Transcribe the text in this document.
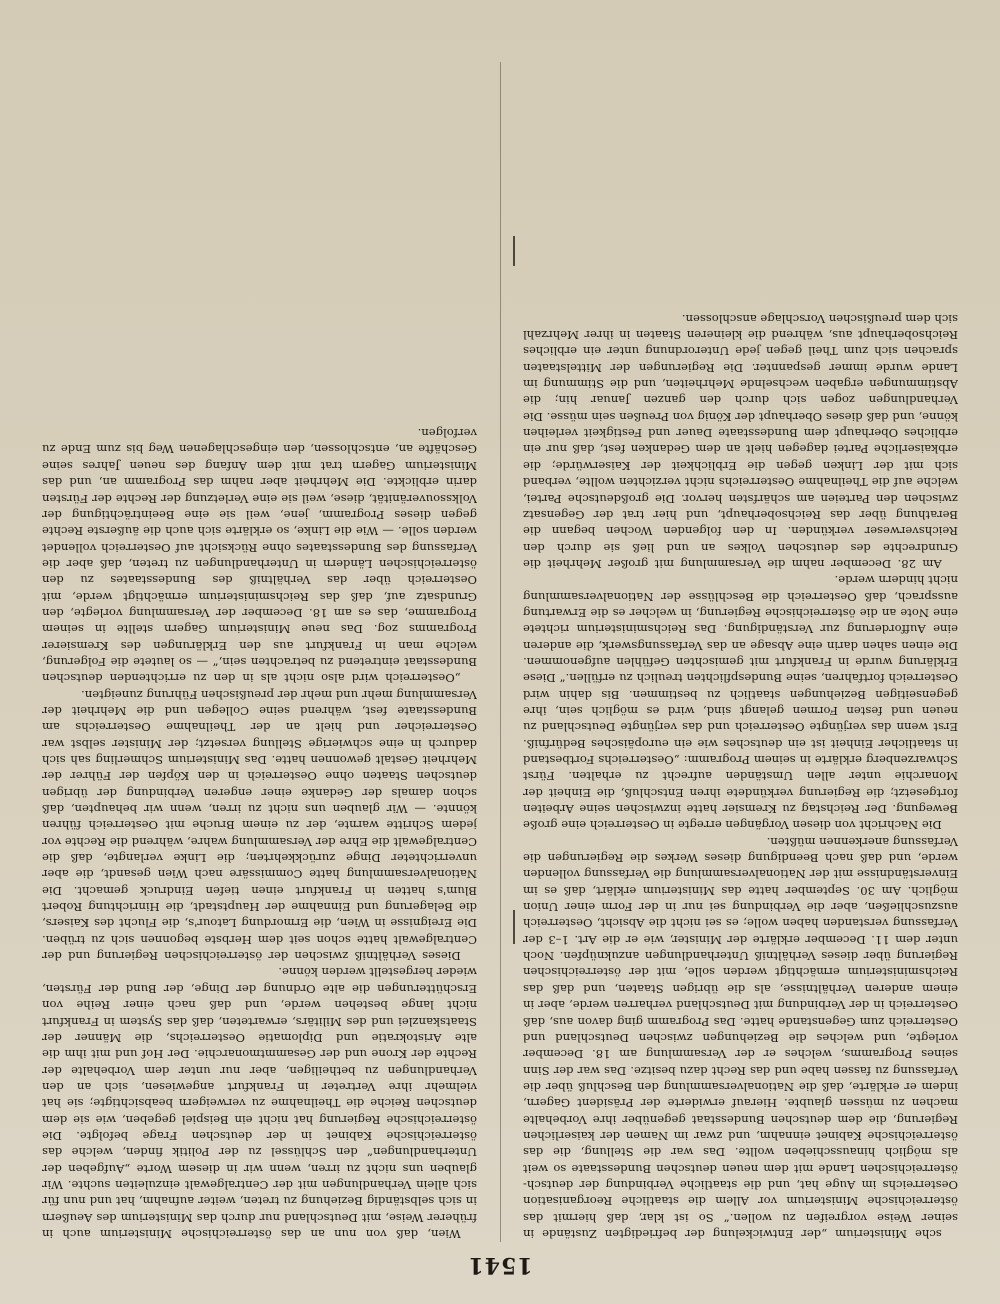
1541

sche Ministerium „der Entwickelung der befriedigten Zustände in seiner Weise vorgreifen zu wollen.“ So ist klar, daß hiermit das österreichische Ministerium vor Allem die staatliche Reorganisation Oesterreichs im Auge hat, und die staatliche Verbindung der deutsch-österreichischen Lande mit dem neuen deutschen Bundesstaate so weit als möglich hinausschieben wollte. Das war die Stellung, die das österreichische Kabinet einnahm, und zwar im Namen der kaiserlichen Regierung, die dem deutschen Bundesstaat gegenüber ihre Vorbehalte machen zu müssen glaubte. Hierauf erwiderte der Präsident Gagern, indem er erklärte, daß die Nationalversammlung den Beschluß über die Verfassung zu fassen habe und das Recht dazu besitze. Das war der Sinn seines Programms, welches er der Versammlung am 18. December vorlegte, und welches die Beziehungen zwischen Deutschland und Oesterreich zum Gegenstande hatte. Das Programm ging davon aus, daß Oesterreich in der Verbindung mit Deutschland verharren werde, aber in einem anderen Verhältnisse, als die übrigen Staaten, und daß das Reichsministerium ermächtigt werden solle, mit der österreichischen Regierung über dieses Verhältniß Unterhandlungen anzuknüpfen. Noch unter dem 11. December erklärte der Minister, wie er die Art. 1–3 der Verfassung verstanden haben wolle; es sei nicht die Absicht, Oesterreich auszuschließen, aber die Verbindung sei nur in der Form einer Union möglich. Am 30. September hatte das Ministerium erklärt, daß es im Einverständnisse mit der Nationalversammlung die Verfassung vollenden werde, und daß nach Beendigung dieses Werkes die Regierungen die Verfassung anerkennen müßten.

Die Nachricht von diesen Vorgängen erregte in Oesterreich eine große Bewegung. Der Reichstag zu Kremsier hatte inzwischen seine Arbeiten fortgesetzt; die Regierung verkündete ihren Entschluß, die Einheit der Monarchie unter allen Umständen aufrecht zu erhalten. Fürst Schwarzenberg erklärte in seinem Programm: „Oesterreichs Fortbestand in staatlicher Einheit ist ein deutsches wie ein europäisches Bedürfniß. Erst wenn das verjüngte Oesterreich und das verjüngte Deutschland zu neuen und festen Formen gelangt sind, wird es möglich sein, ihre gegenseitigen Beziehungen staatlich zu bestimmen. Bis dahin wird Oesterreich fortfahren, seine Bundespflichten treulich zu erfüllen.“ Diese Erklärung wurde in Frankfurt mit gemischten Gefühlen aufgenommen. Die einen sahen darin eine Absage an das Verfassungswerk, die anderen eine Aufforderung zur Verständigung. Das Reichsministerium richtete eine Note an die österreichische Regierung, in welcher es die Erwartung aussprach, daß Oesterreich die Beschlüsse der Nationalversammlung nicht hindern werde.

Am 28. December nahm die Versammlung mit großer Mehrheit die Grundrechte des deutschen Volkes an und ließ sie durch den Reichsverweser verkünden. In den folgenden Wochen begann die Berathung über das Reichsoberhaupt, und hier trat der Gegensatz zwischen den Parteien am schärfsten hervor. Die großdeutsche Partei, welche auf die Theilnahme Oesterreichs nicht verzichten wollte, verband sich mit der Linken gegen die Erblichkeit der Kaiserwürde; die erbkaiserliche Partei dagegen hielt an dem Gedanken fest, daß nur ein erbliches Oberhaupt dem Bundesstaate Dauer und Festigkeit verleihen könne, und daß dieses Oberhaupt der König von Preußen sein müsse. Die Verhandlungen zogen sich durch den ganzen Januar hin; die Abstimmungen ergaben wechselnde Mehrheiten, und die Stimmung im Lande wurde immer gespannter. Die Regierungen der Mittelstaaten sprachen sich zum Theil gegen jede Unterordnung unter ein erbliches Reichsoberhaupt aus, während die kleineren Staaten in ihrer Mehrzahl sich dem preußischen Vorschlage anschlossen.

Wien, daß von nun an das österreichische Ministerium auch in früherer Weise, mit Deutschland nur durch das Ministerium des Aeußern in sich selbständig Beziehung zu treten, weiter aufnahm, hat und nun für sich allein Verhandlungen mit der Centralgewalt einzuleiten suchte. Wir glauben uns nicht zu irren, wenn wir in diesem Worte „Aufgeben der Unterhandlungen“ den Schlüssel zu der Politik finden, welche das österreichische Kabinet in der deutschen Frage befolgte. Die österreichische Regierung hat nicht ein Beispiel gegeben, wie sie dem deutschen Reiche die Theilnahme zu verweigern beabsichtigte; sie hat vielmehr ihre Vertreter in Frankfurt angewiesen, sich an den Verhandlungen zu betheiligen, aber nur unter dem Vorbehalte der Rechte der Krone und der Gesammtmonarchie. Der Hof und mit ihm die alte Aristokratie und Diplomatie Oesterreichs, die Männer der Staatskanzlei und des Militärs, erwarteten, daß das System in Frankfurt nicht lange bestehen werde, und daß nach einer Reihe von Erschütterungen die alte Ordnung der Dinge, der Bund der Fürsten, wieder hergestellt werden könne.

Dieses Verhältniß zwischen der österreichischen Regierung und der Centralgewalt hatte schon seit dem Herbste begonnen sich zu trüben. Die Ereignisse in Wien, die Ermordung Latour's, die Flucht des Kaisers, die Belagerung und Einnahme der Hauptstadt, die Hinrichtung Robert Blum's hatten in Frankfurt einen tiefen Eindruck gemacht. Die Nationalversammlung hatte Commissäre nach Wien gesandt, die aber unverrichteter Dinge zurückkehrten; die Linke verlangte, daß die Centralgewalt die Ehre der Versammlung wahre, während die Rechte vor jedem Schritte warnte, der zu einem Bruche mit Oesterreich führen könnte. — Wir glauben uns nicht zu irren, wenn wir behaupten, daß schon damals der Gedanke einer engeren Verbindung der übrigen deutschen Staaten ohne Oesterreich in den Köpfen der Führer der Mehrheit Gestalt gewonnen hatte. Das Ministerium Schmerling sah sich dadurch in eine schwierige Stellung versetzt; der Minister selbst war Oesterreicher und hielt an der Theilnahme Oesterreichs am Bundesstaate fest, während seine Collegen und die Mehrheit der Versammlung mehr und mehr der preußischen Führung zuneigten.

„Oesterreich wird also nicht als in den zu errichtenden deutschen Bundesstaat eintretend zu betrachten sein,“ — so lautete die Folgerung, welche man in Frankfurt aus den Erklärungen des Kremsierer Programms zog. Das neue Ministerium Gagern stellte in seinem Programme, das es am 18. December der Versammlung vorlegte, den Grundsatz auf, daß das Reichsministerium ermächtigt werde, mit Oesterreich über das Verhältniß des Bundesstaates zu den österreichischen Ländern in Unterhandlungen zu treten, daß aber die Verfassung des Bundesstaates ohne Rücksicht auf Oesterreich vollendet werden solle. — Wie die Linke, so erklärte sich auch die äußerste Rechte gegen dieses Programm, jene, weil sie eine Beeinträchtigung der Volkssouveränität, diese, weil sie eine Verletzung der Rechte der Fürsten darin erblickte. Die Mehrheit aber nahm das Programm an, und das Ministerium Gagern trat mit dem Anfang des neuen Jahres seine Geschäfte an, entschlossen, den eingeschlagenen Weg bis zum Ende zu verfolgen.
